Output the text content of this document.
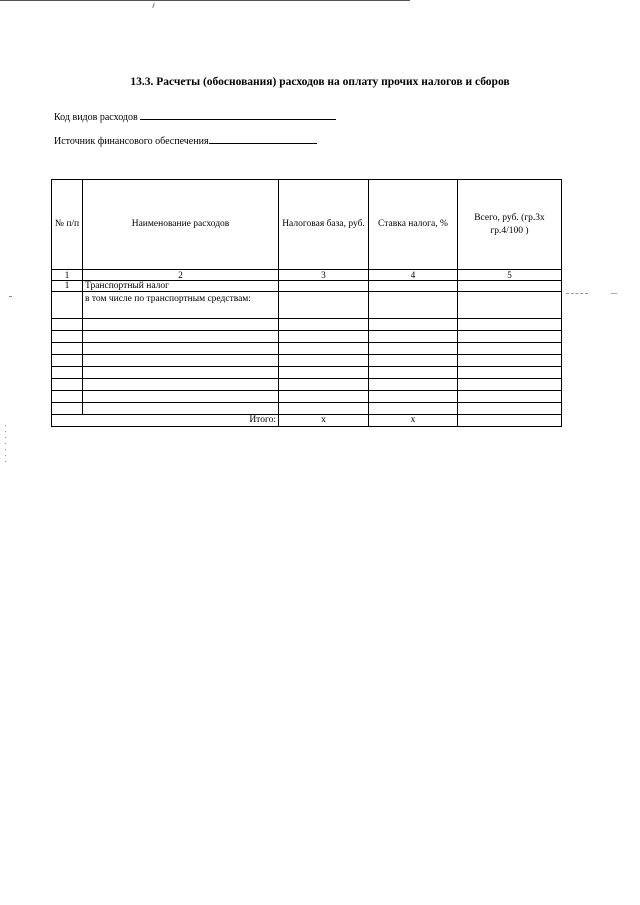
13.3. Расчеты (обоснования) расходов на оплату прочих налогов и сборов
Код видов расходов
Источник финансового обеспечения
№ п/п	Наименование расходов	Налоговая база, руб.	Ставка налога, %	Всего, руб. (гр.3х гр.4/100 )
1	2	3	4	5
1	Транспортный налог			
	в том числе по транспортным средствам:			

Итого:		x	x	
